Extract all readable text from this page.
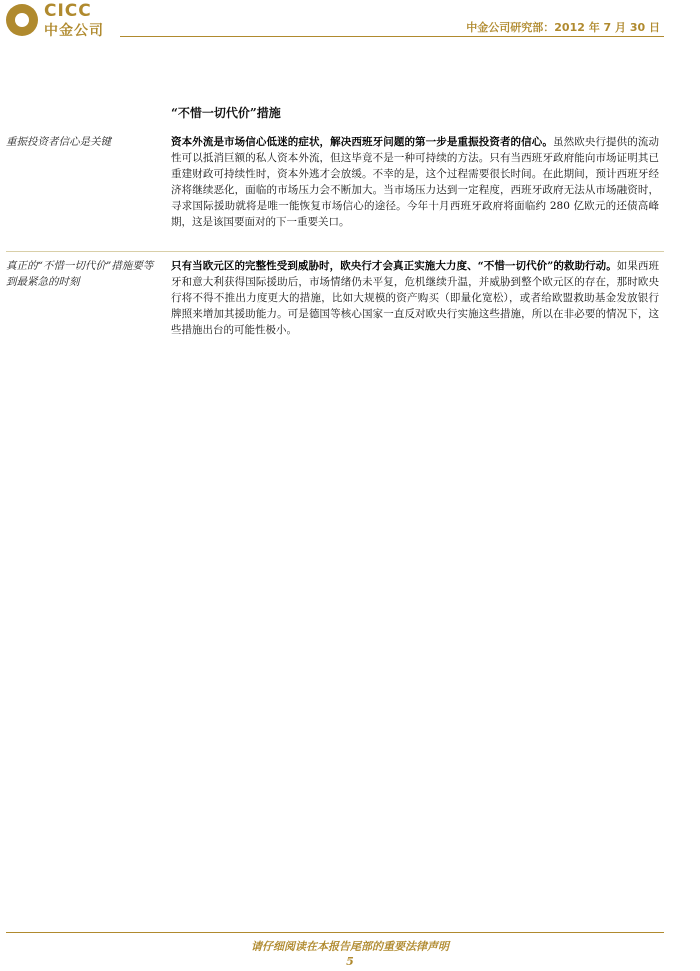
CICC
中金公司	中金公司研究部：2012 年 7 月 30 日
“不惜一切代价”措施
重振投资者信心是关键	资本外流是市场信心低迷的症状，解决西班牙问题的第一步是重振投资者的信心。虽然欧央行提供的流动性可以抵消巨额的私人资本外流，但这毕竟不是一种可持续的方法。只有当西班牙政府能向市场证明其已重建财政可持续性时，资本外逃才会放缓。不幸的是，这个过程需要很长时间。在此期间，预计西班牙经济将继续恶化，面临的市场压力会不断加大。当市场压力达到一定程度，西班牙政府无法从市场融资时，寻求国际援助就将是唯一能恢复市场信心的途径。今年十月西班牙政府将面临约 280 亿欧元的还债高峰期，这是该国要面对的下一重要关口。
真正的“不惜一切代价”措施要等到最紧急的时刻
只有当欧元区的完整性受到威胁时，欧央行才会真正实施大力度、“不惜一切代价”的救助行动。如果西班牙和意大利获得国际援助后，市场情绪仍未平复，危机继续升温，并威胁到整个欧元区的存在，那时欧央行将不得不推出力度更大的措施，比如大规模的资产购买（即量化宽松），或者给欧盟救助基金发放银行牌照来增加其援助能力。可是德国等核心国家一直反对欧央行实施这些措施，所以在非必要的情况下，这些措施出台的可能性极小。
请仔细阅读在本报告尾部的重要法律声明
5
